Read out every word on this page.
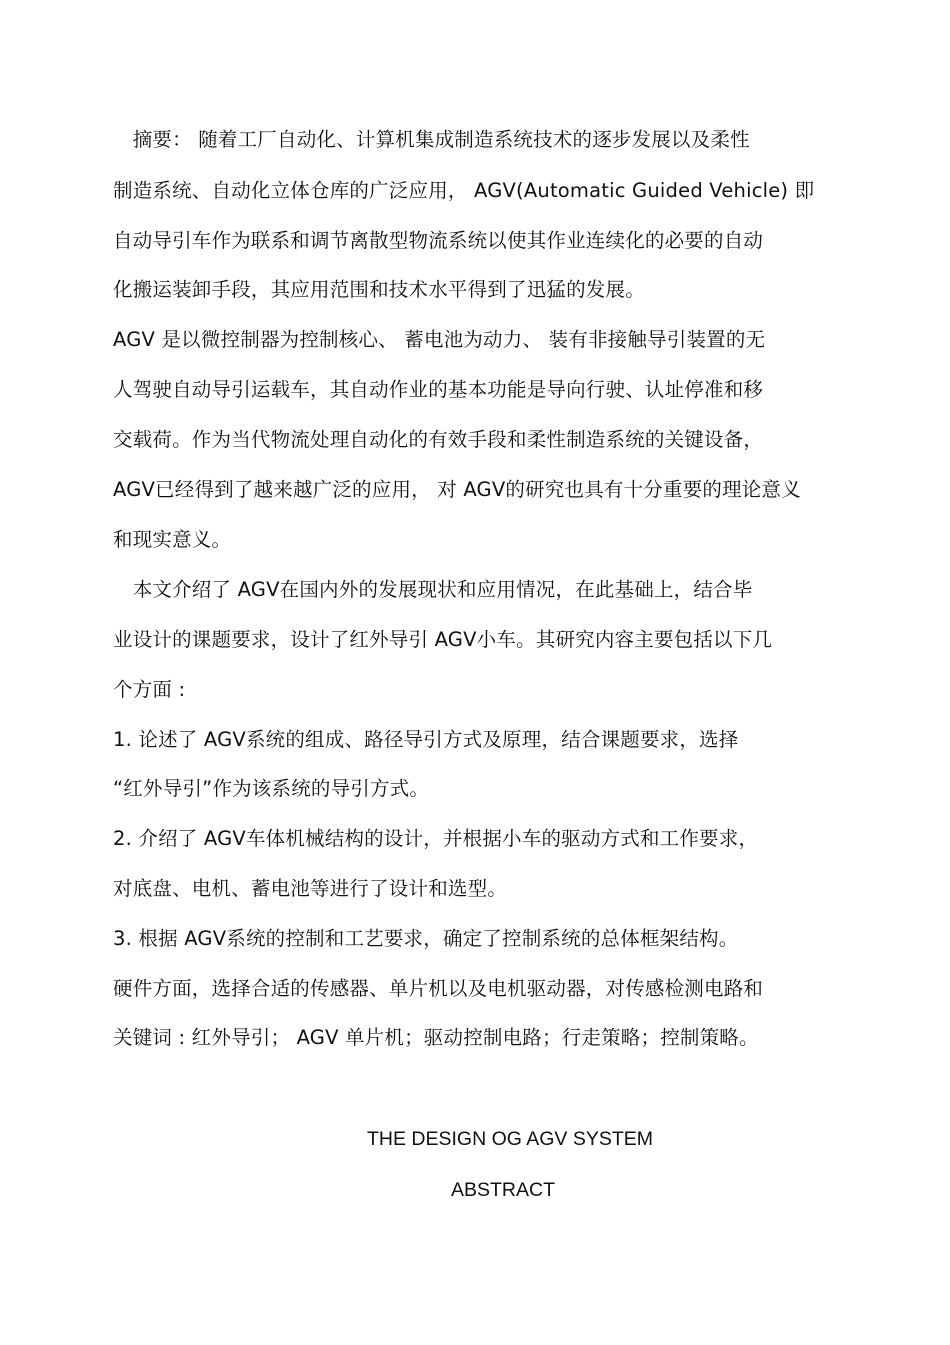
　摘要： 随着工厂自动化、计算机集成制造系统技术的逐步发展以及柔性
制造系统、自动化立体仓库的广泛应用， AGV(Automatic Guided Vehicle) 即
自动导引车作为联系和调节离散型物流系统以使其作业连续化的必要的自动
化搬运装卸手段，其应用范围和技术水平得到了迅猛的发展。
AGV 是以微控制器为控制核心、 蓄电池为动力、 装有非接触导引装置的无
人驾驶自动导引运载车，其自动作业的基本功能是导向行驶、认址停准和移
交载荷。作为当代物流处理自动化的有效手段和柔性制造系统的关键设备，
AGV已经得到了越来越广泛的应用， 对 AGV的研究也具有十分重要的理论意义
和现实意义。
　本文介绍了 AGV在国内外的发展现状和应用情况，在此基础上，结合毕
业设计的课题要求，设计了红外导引 AGV小车。其研究内容主要包括以下几
个方面 :
1. 论述了 AGV系统的组成、路径导引方式及原理，结合课题要求，选择
“红外导引”作为该系统的导引方式。
2. 介绍了 AGV车体机械结构的设计，并根据小车的驱动方式和工作要求，
对底盘、电机、蓄电池等进行了设计和选型。
3. 根据 AGV系统的控制和工艺要求，确定了控制系统的总体框架结构。
硬件方面，选择合适的传感器、单片机以及电机驱动器，对传感检测电路和
关键词 : 红外导引； AGV 单片机；驱动控制电路；行走策略；控制策略。
THE DESIGN OG AGV SYSTEM
ABSTRACT
